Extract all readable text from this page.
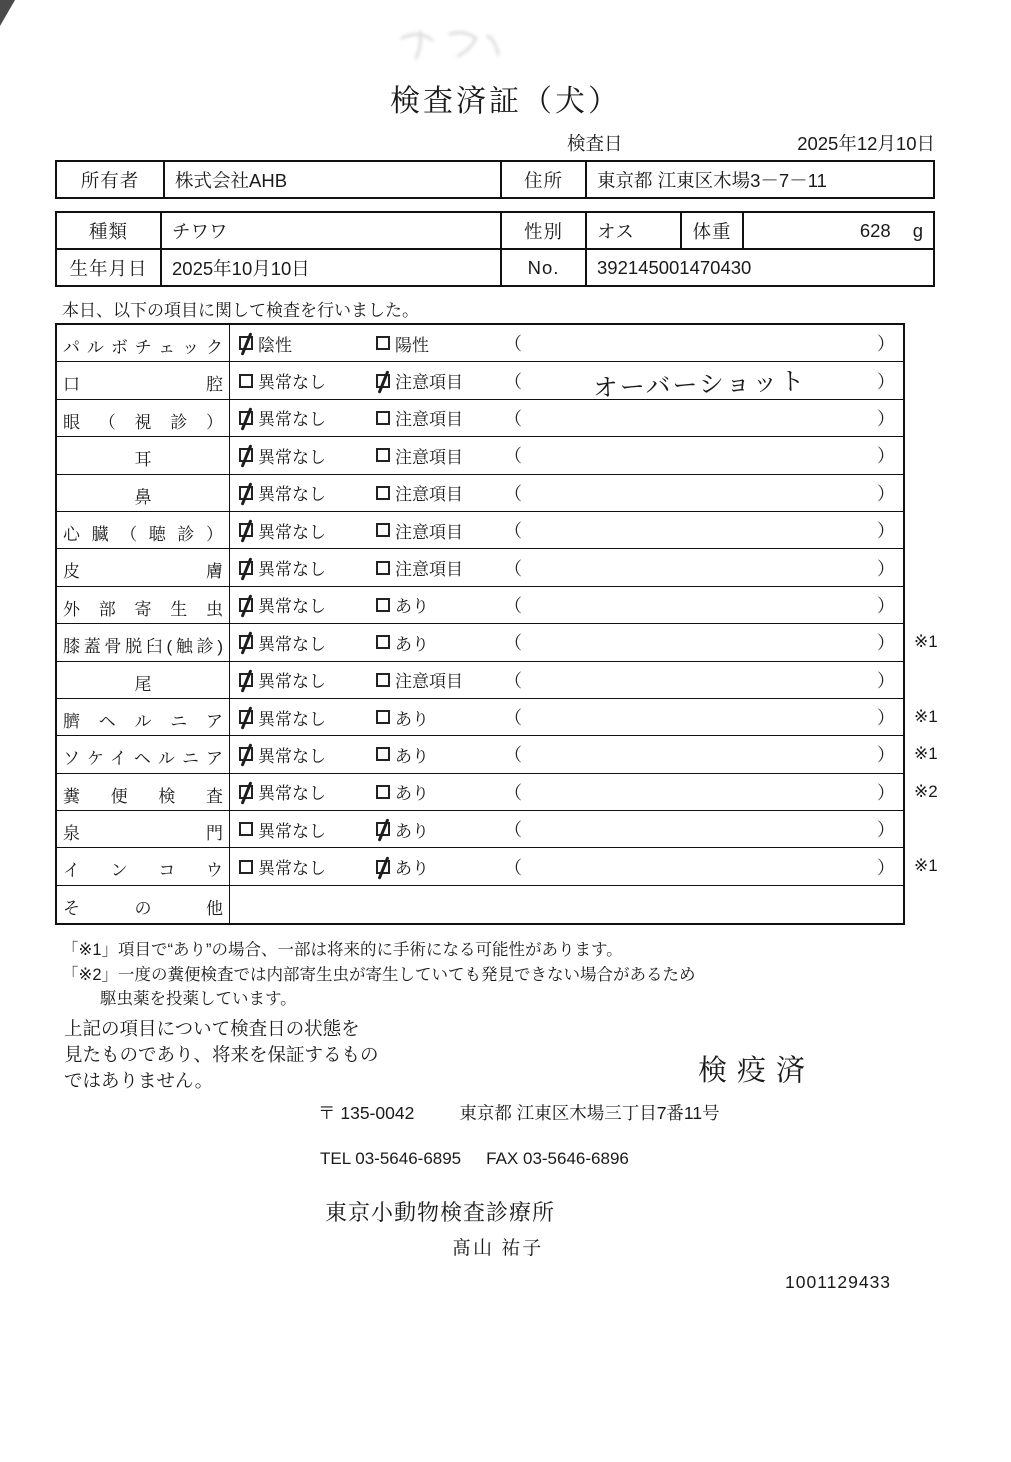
検査済証（犬）
検査日	2025年12月10日
所有者	株式会社AHB	住所	東京都 江東区木場3－7－11
種類	チワワ	性別	オス	体重	628 g
生年月日	2025年10月10日	No.	392145001470430
本日、以下の項目に関して検査を行いました。
パルボチェック	陰性	陽性	（	）
口腔	異常なし	注意項目 （	オーバーショット	）
眼（視診）	異常なし	注意項目 （	）
耳	異常なし	注意項目 （	）
鼻	異常なし	注意項目 （	）
心臓（聴診）	異常なし	注意項目 （	）
皮膚	異常なし	注意項目 （	）
外部寄生虫	異常なし	あり	（	）
膝蓋骨脱臼(触診)	異常なし	あり	（	） ※1
尾	異常なし	注意項目 （	）
臍ヘルニア	異常なし	あり	（	） ※1
ソケイヘルニア	異常なし	あり	（	） ※1
糞便検査	異常なし	あり	（	） ※2
泉門	異常なし	あり	（	）
インコウ	異常なし	あり	（	） ※1
その他
「※1」項目で“あり”の場合、一部は将来的に手術になる可能性があります。
「※2」一度の糞便検査では内部寄生虫が寄生していても発見できない場合があるため
駆虫薬を投薬しています。
上記の項目について検査日の状態を
見たものであり、将来を保証するもの
ではありません。	検疫済
〒 135-0042	東京都 江東区木場三丁目7番11号
TEL 03-5646-6895 FAX 03-5646-6896
東京小動物検査診療所
髙山 祐子
1001129433
